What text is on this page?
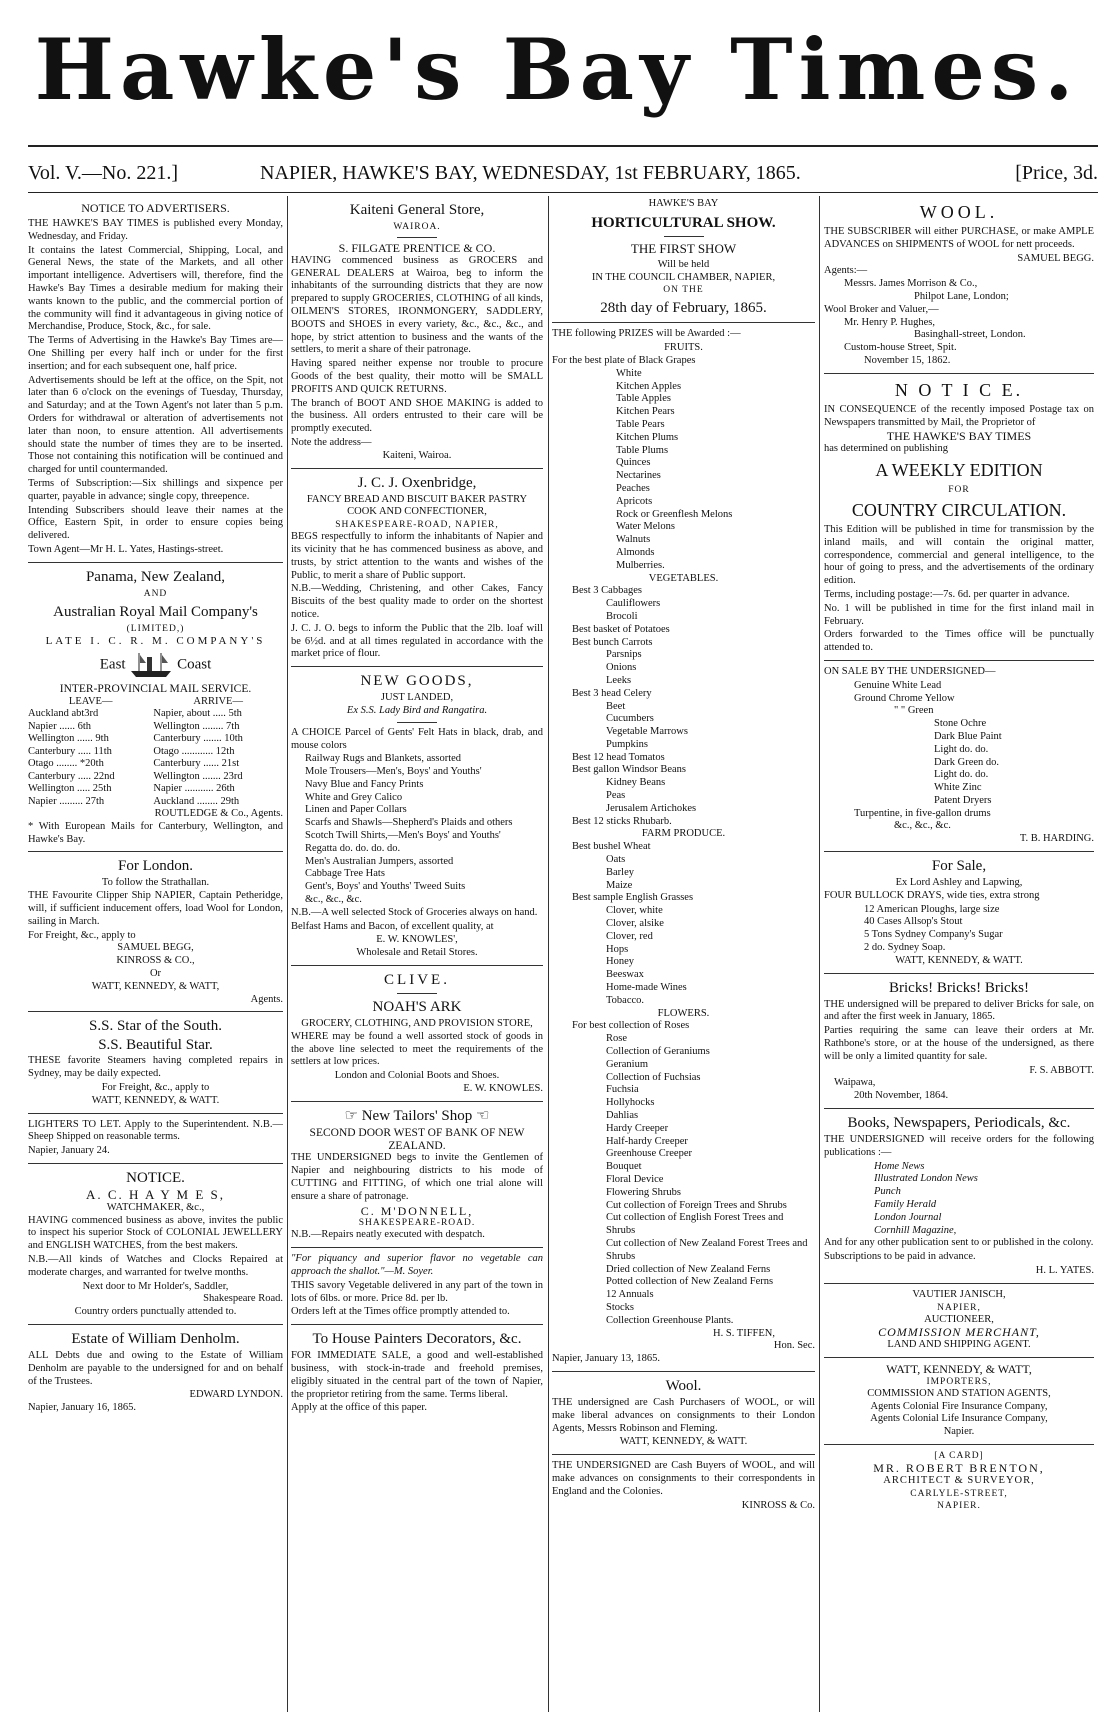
Hawke's Bay Times.
Vol. V.—No. 221.]	NAPIER, HAWKE'S BAY, WEDNESDAY, 1st FEBRUARY, 1865.	[Price, 3d.
NOTICE TO ADVERTISERS.

THE HAWKE'S BAY TIMES is published every Monday, Wednesday, and Friday.

It contains the latest Commercial, Shipping, Local, and General News, the state of the Markets, and all other important intelligence. Advertisers will, therefore, find the Hawke's Bay Times a desirable medium for making their wants known to the public, and the commercial portion of the community will find it advantageous in giving notice of Merchandise, Produce, Stock, &c., for sale.

The Terms of Advertising in the Hawke's Bay Times are—One Shilling per every half inch or under for the first insertion; and for each subsequent one, half price.

Advertisements should be left at the office, on the Spit, not later than 6 o'clock on the evenings of Tuesday, Thursday, and Saturday; and at the Town Agent's not later than 5 p.m. Orders for withdrawal or alteration of advertisements not later than noon, to ensure attention. All advertisements should state the number of times they are to be inserted. Those not containing this notification will be continued and charged for until countermanded.

Terms of Subscription:—Six shillings and sixpence per quarter, payable in advance; single copy, threepence.

Intending Subscribers should leave their names at the Office, Eastern Spit, in order to ensure copies being delivered.

Town Agent—Mr H. L. Yates, Hastings-street.

Panama, New Zealand,
AND
Australian Royal Mail Company's
(LIMITED,)
LATE I. C. R. M. COMPANY'S
East	Coast
INTER-PROVINCIAL MAIL SERVICE.
LEAVE—	ARRIVE—
Auckland abt3rd	Napier, about ..... 5th
Napier ...... 6th	Wellington ........ 7th
Wellington ...... 9th	Canterbury ....... 10th
Canterbury ..... 11th	Otago ............ 12th
Otago ........ *20th	Canterbury ...... 21st
Canterbury ..... 22nd	Wellington ....... 23rd
Wellington ..... 25th	Napier ........... 26th
Napier ......... 27th	Auckland ........ 29th
ROUTLEDGE & Co., Agents.

* With European Mails for Canterbury, Wellington, and Hawke's Bay.

For London.
To follow the Strathallan.

THE Favourite Clipper Ship NAPIER, Captain Petheridge, will, if sufficient inducement offers, load Wool for London, sailing in March.

For Freight, &c., apply to
SAMUEL BEGG,
KINROSS & CO.,
Or
WATT, KENNEDY, & WATT,
Agents.
S.S. Star of the South.
S.S. Beautiful Star.

THESE favorite Steamers having completed repairs in Sydney, may be daily expected.

For Freight, &c., apply to
WATT, KENNEDY, & WATT.

LIGHTERS TO LET. Apply to the Superintendent. N.B.—Sheep Shipped on reasonable terms.

Napier, January 24.
NOTICE.
A. C. H A Y M E S,
WATCHMAKER, &c.,

HAVING commenced business as above, invites the public to inspect his superior Stock of COLONIAL JEWELLERY and ENGLISH WATCHES, from the best makers.

N.B.—All kinds of Watches and Clocks Repaired at moderate charges, and warranted for twelve months.

Next door to Mr Holder's, Saddler,
Shakespeare Road.
Country orders punctually attended to.
Estate of William Denholm.

ALL Debts due and owing to the Estate of William Denholm are payable to the undersigned for and on behalf of the Trustees.

EDWARD LYNDON.
Napier, January 16, 1865.
Kaiteni General Store,
WAIROA.
S. FILGATE PRENTICE & CO.

HAVING commenced business as GROCERS and GENERAL DEALERS at Wairoa, beg to inform the inhabitants of the surrounding districts that they are now prepared to supply GROCERIES, CLOTHING of all kinds, OILMEN'S STORES, IRONMONGERY, SADDLERY, BOOTS and SHOES in every variety, &c., &c., &c., and hope, by strict attention to business and the wants of the settlers, to merit a share of their patronage.

Having spared neither expense nor trouble to procure Goods of the best quality, their motto will be SMALL PROFITS AND QUICK RETURNS.

The branch of BOOT AND SHOE MAKING is added to the business. All orders entrusted to their care will be promptly executed.

Note the address—
Kaiteni, Wairoa.
J. C. J. Oxenbridge,
FANCY BREAD AND BISCUIT BAKER PASTRY COOK AND CONFECTIONER,
SHAKESPEARE-ROAD, NAPIER,

BEGS respectfully to inform the inhabitants of Napier and its vicinity that he has commenced business as above, and trusts, by strict attention to the wants and wishes of the Public, to merit a share of Public support.

N.B.—Wedding, Christening, and other Cakes, Fancy Biscuits of the best quality made to order on the shortest notice.

J. C. J. O. begs to inform the Public that the 2lb. loaf will be 6½d. and at all times regulated in accordance with the market price of flour.

NEW GOODS,
JUST LANDED,
Ex S.S. Lady Bird and Rangatira.

A CHOICE Parcel of Gents' Felt Hats in black, drab, and mouse colors

Railway Rugs and Blankets, assorted
Mole Trousers—Men's, Boys' and Youths'
Navy Blue and Fancy Prints
White and Grey Calico
Linen and Paper Collars
Scarfs and Shawls—Shepherd's Plaids and others
Scotch Twill Shirts,—Men's Boys' and Youths'
Regatta do. do. do. do.
Men's Australian Jumpers, assorted
Cabbage Tree Hats
Gent's, Boys' and Youths' Tweed Suits
&c., &c., &c.

N.B.—A well selected Stock of Groceries always on hand.

Belfast Hams and Bacon, of excellent quality, at

E. W. KNOWLES',
Wholesale and Retail Stores.
CLIVE.
NOAH'S ARK
GROCERY, CLOTHING, AND PROVISION STORE,

WHERE may be found a well assorted stock of goods in the above line selected to meet the requirements of the settlers at low prices.

London and Colonial Boots and Shoes.
E. W. KNOWLES.
☞ New Tailors' Shop ☜
SECOND DOOR WEST OF BANK OF NEW ZEALAND.

THE UNDERSIGNED begs to invite the Gentlemen of Napier and neighbouring districts to his mode of CUTTING and FITTING, of which one trial alone will ensure a share of patronage.

C. M'DONNELL,
SHAKESPEARE-ROAD.

N.B.—Repairs neatly executed with despatch.

"For piquancy and superior flavor no vegetable can approach the shallot."—M. Soyer.

THIS savory Vegetable delivered in any part of the town in lots of 6lbs. or more. Price 8d. per lb.

Orders left at the Times office promptly attended to.

To House Painters Decorators, &c.

FOR IMMEDIATE SALE, a good and well-established business, with stock-in-trade and freehold premises, eligibly situated in the central part of the town of Napier, the proprietor retiring from the same. Terms liberal.

Apply at the office of this paper.
HAWKE'S BAY
HORTICULTURAL SHOW.
THE FIRST SHOW
Will be held
IN THE COUNCIL CHAMBER, NAPIER,
ON THE
28th day of February, 1865.

THE following PRIZES will be Awarded :—

FRUITS.
For the best plate of Black Grapes
White
Kitchen Apples
Table Apples
Kitchen Pears
Table Pears
Kitchen Plums
Table Plums
Quinces
Nectarines
Peaches
Apricots
Rock or Greenflesh Melons
Water Melons
Walnuts
Almonds
Mulberries.
VEGETABLES.
Best 3 Cabbages
Cauliflowers
Brocoli
Best basket of Potatoes
Best bunch Carrots
Parsnips
Onions
Leeks
Best 3 head Celery
Beet
Cucumbers
Vegetable Marrows
Pumpkins
Best 12 head Tomatos
Best gallon Windsor Beans
Kidney Beans
Peas
Jerusalem Artichokes
Best 12 sticks Rhubarb.
FARM PRODUCE.
Best bushel Wheat
Oats
Barley
Maize
Best sample English Grasses
Clover, white
Clover, alsike
Clover, red
Hops
Honey
Beeswax
Home-made Wines
Tobacco.
FLOWERS.
For best collection of Roses
Rose
Collection of Geraniums
Geranium
Collection of Fuchsias
Fuchsia
Hollyhocks
Dahlias
Hardy Creeper
Half-hardy Creeper
Greenhouse Creeper
Bouquet
Floral Device
Flowering Shrubs
Cut collection of Foreign Trees and Shrubs
Cut collection of English Forest Trees and Shrubs
Cut collection of New Zealand Forest Trees and Shrubs
Dried collection of New Zealand Ferns
Potted collection of New Zealand Ferns
12 Annuals
Stocks
Collection Greenhouse Plants.
H. S. TIFFEN,
Hon. Sec.
Napier, January 13, 1865.
Wool.

THE undersigned are Cash Purchasers of WOOL, or will make liberal advances on consignments to their London Agents, Messrs Robinson and Fleming.

WATT, KENNEDY, & WATT.

THE UNDERSIGNED are Cash Buyers of WOOL, and will make advances on consignments to their correspondents in England and the Colonies.

KINROSS & Co.
WOOL.

THE SUBSCRIBER will either PURCHASE, or make AMPLE ADVANCES on SHIPMENTS of WOOL for nett proceeds.

SAMUEL BEGG.
Agents:—
Messrs. James Morrison & Co.,
Philpot Lane, London;
Wool Broker and Valuer,—
Mr. Henry P. Hughes,
Basinghall-street, London.
Custom-house Street, Spit.
November 15, 1862.
N O T I C E.

IN CONSEQUENCE of the recently imposed Postage tax on Newspapers transmitted by Mail, the Proprietor of

THE HAWKE'S BAY TIMES
has determined on publishing
A WEEKLY EDITION
FOR
COUNTRY CIRCULATION.

This Edition will be published in time for transmission by the inland mails, and will contain the original matter, correspondence, commercial and general intelligence, to the hour of going to press, and the advertisements of the ordinary edition.

Terms, including postage:—7s. 6d. per quarter in advance.

No. 1 will be published in time for the first inland mail in February.

Orders forwarded to the Times office will be punctually attended to.

ON SALE BY THE UNDERSIGNED—

Genuine White Lead
Ground Chrome Yellow
" " Green
Stone Ochre
Dark Blue Paint
Light do. do.
Dark Green do.
Light do. do.
White Zinc
Patent Dryers
Turpentine, in five-gallon drums
&c., &c., &c.
T. B. HARDING.
For Sale,
Ex Lord Ashley and Lapwing,

FOUR BULLOCK DRAYS, wide ties, extra strong

12 American Ploughs, large size
40 Cases Allsop's Stout
5 Tons Sydney Company's Sugar
2 do. Sydney Soap.
WATT, KENNEDY, & WATT.
Bricks! Bricks! Bricks!

THE undersigned will be prepared to deliver Bricks for sale, on and after the first week in January, 1865.

Parties requiring the same can leave their orders at Mr. Rathbone's store, or at the house of the undersigned, as there will be only a limited quantity for sale.

F. S. ABBOTT.
Waipawa,
20th November, 1864.
Books, Newspapers, Periodicals, &c.

THE UNDERSIGNED will receive orders for the following publications :—

Home News
Illustrated London News
Punch
Family Herald
London Journal
Cornhill Magazine,

And for any other publication sent to or published in the colony.

Subscriptions to be paid in advance.

H. L. YATES.
VAUTIER JANISCH,
NAPIER,
AUCTIONEER,
COMMISSION MERCHANT,
LAND AND SHIPPING AGENT.
WATT, KENNEDY, & WATT,
IMPORTERS,
COMMISSION AND STATION AGENTS,
Agents Colonial Fire Insurance Company,
Agents Colonial Life Insurance Company,
Napier.
[A CARD]
MR. ROBERT BRENTON,
ARCHITECT & SURVEYOR,
CARLYLE-STREET,
NAPIER.
